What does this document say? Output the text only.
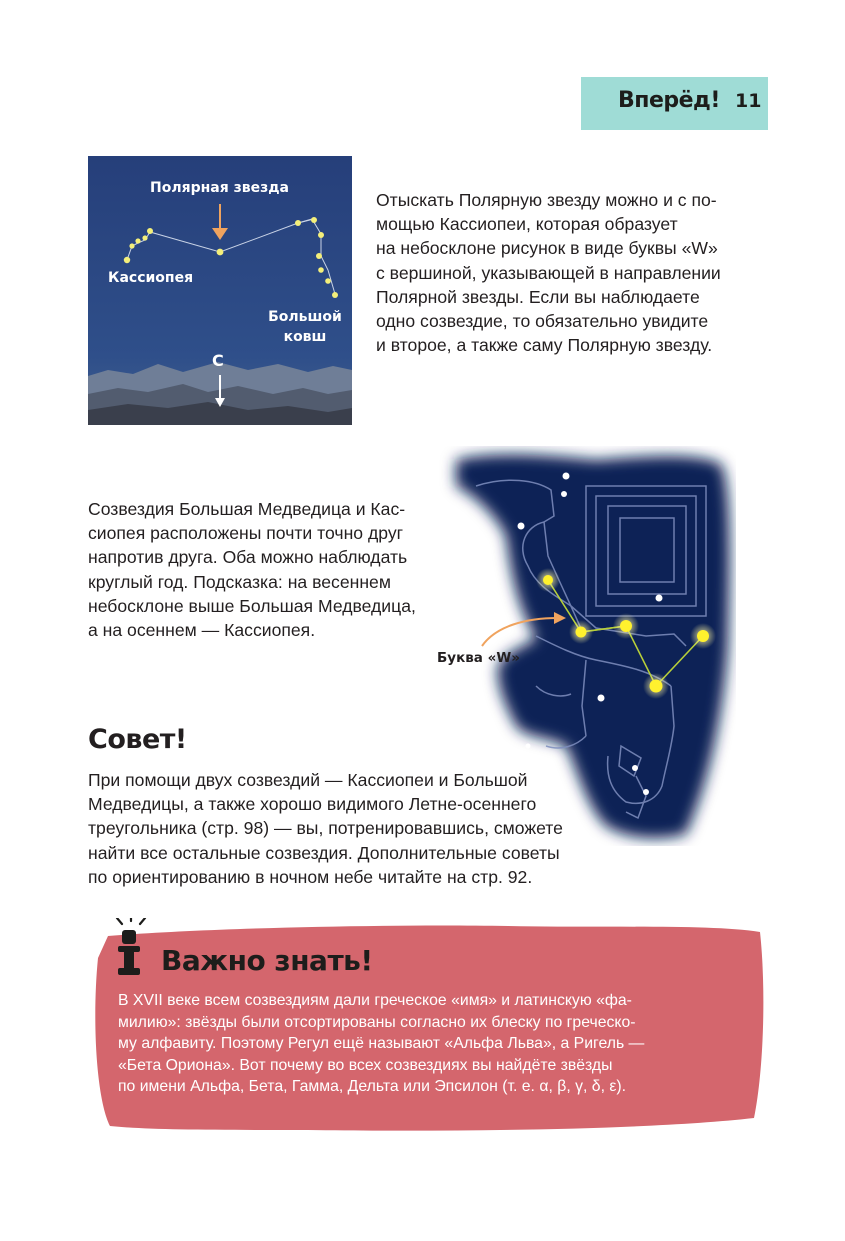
Вперёд! 11
Полярная звезда
Кассиопея
Большой
ковш
С
Отыскать Полярную звезду можно и с по-
мощью Кассиопеи, которая образует
на небосклоне рисунок в виде буквы «W»
с вершиной, указывающей в направлении
Полярной звезды. Если вы наблюдаете
одно созвездие, то обязательно увидите
и второе, а также саму Полярную звезду.
Буква «W»
Созвездия Большая Медведица и Кас-
сиопея расположены почти точно друг
напротив друга. Оба можно наблюдать
круглый год. Подсказка: на весеннем
небосклоне выше Большая Медведица,
а на осеннем — Кассиопея.
Совет!
При помощи двух созвездий — Кассиопеи и Большой
Медведицы, а также хорошо видимого Летне-осеннего
треугольника (стр. 98) — вы, потренировавшись, сможете
найти все остальные созвездия. Дополнительные советы
по ориентированию в ночном небе читайте на стр. 92.
Важно знать!
В XVII веке всем созвездиям дали греческое «имя» и латинскую «фа-
милию»: звёзды были отсортированы согласно их блеску по греческо-
му алфавиту. Поэтому Регул ещё называют «Альфа Льва», а Ригель —
«Бета Ориона». Вот почему во всех созвездиях вы найдёте звёзды
по имени Альфа, Бета, Гамма, Дельта или Эпсилон (т. е. α, β, γ, δ, ε).
